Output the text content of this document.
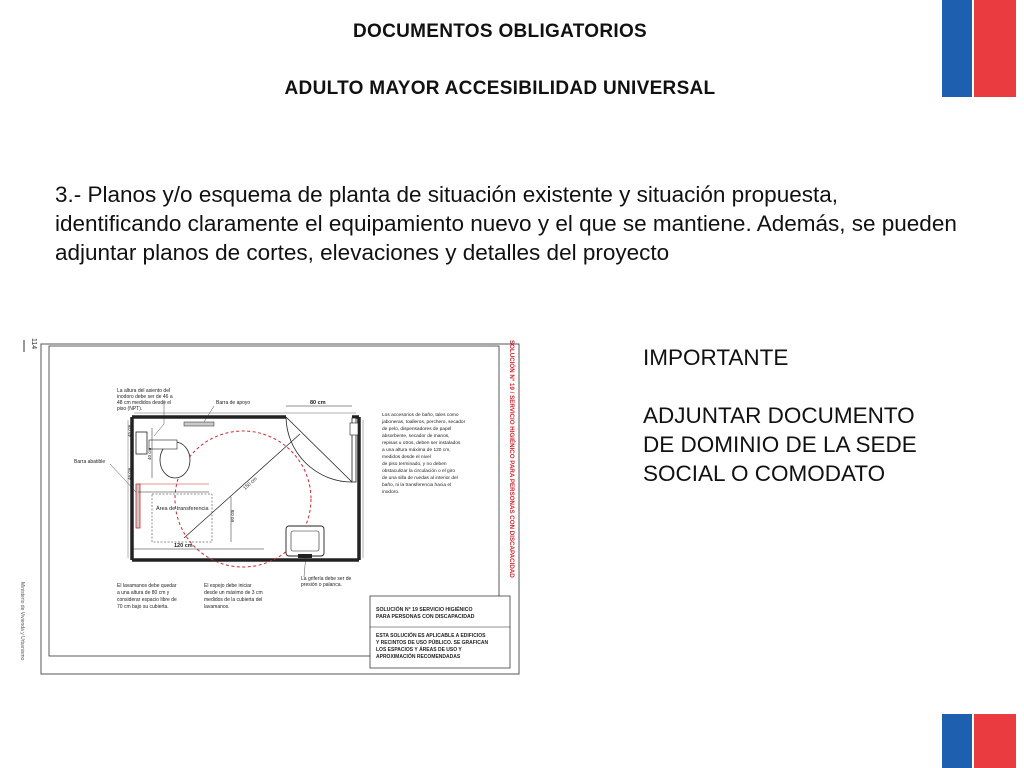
DOCUMENTOS OBLIGATORIOS
ADULTO MAYOR ACCESIBILIDAD UNIVERSAL
3.- Planos y/o esquema de planta de situación existente y situación propuesta, identificando claramente el equipamiento nuevo y el que se mantiene. Además, se pueden adjuntar planos de cortes, elevaciones y detalles del proyecto
114
Ministerio de Vivienda y Urbanismo
SOLUCIÓN N° 19 / SERVICIO HIGIÉNICO PARA PERSONAS CON DISCAPACIDAD
150 cm
Área de transferencia
80 cm
120 cm
46 cm
40 cm
60 cm
45 cm
La altura del asiento del inodoro debe ser de 46 a 48 cm medidos desde el piso (NPT).
Barra de apoyo
Barra abatible
Los accesorios de baño, tales como jaboneras, toalleros, perchero, secador de pelo, dispensadores de papel absorbente, secador de manos, repisas u otros, deben ser instalados a una altura máxima de 120 cm, medidos desde el nivel de piso terminado, y no deben obstaculizar la circulación o el giro de una silla de ruedas al interior del baño, ni la transferencia hacia el inodoro.
El lavamanos debe quedar a una altura de 80 cm y considerar espacio libre de 70 cm bajo su cubierta.
El espejo debe iniciar desde un máximo de 3 cm medidos de la cubierta del lavamanos.
La grifería debe ser de presión o palanca.
SOLUCIÓN N° 19 SERVICIO HIGIÉNICO PARA PERSONAS CON DISCAPACIDAD
ESTA SOLUCIÓN ES APLICABLE A EDIFICIOS Y RECINTOS DE USO PÚBLICO. SE GRAFICAN LOS ESPACIOS Y ÁREAS DE USO Y APROXIMACIÓN RECOMENDADAS
IMPORTANTE
ADJUNTAR DOCUMENTO
DE DOMINIO DE LA SEDE
SOCIAL O COMODATO
